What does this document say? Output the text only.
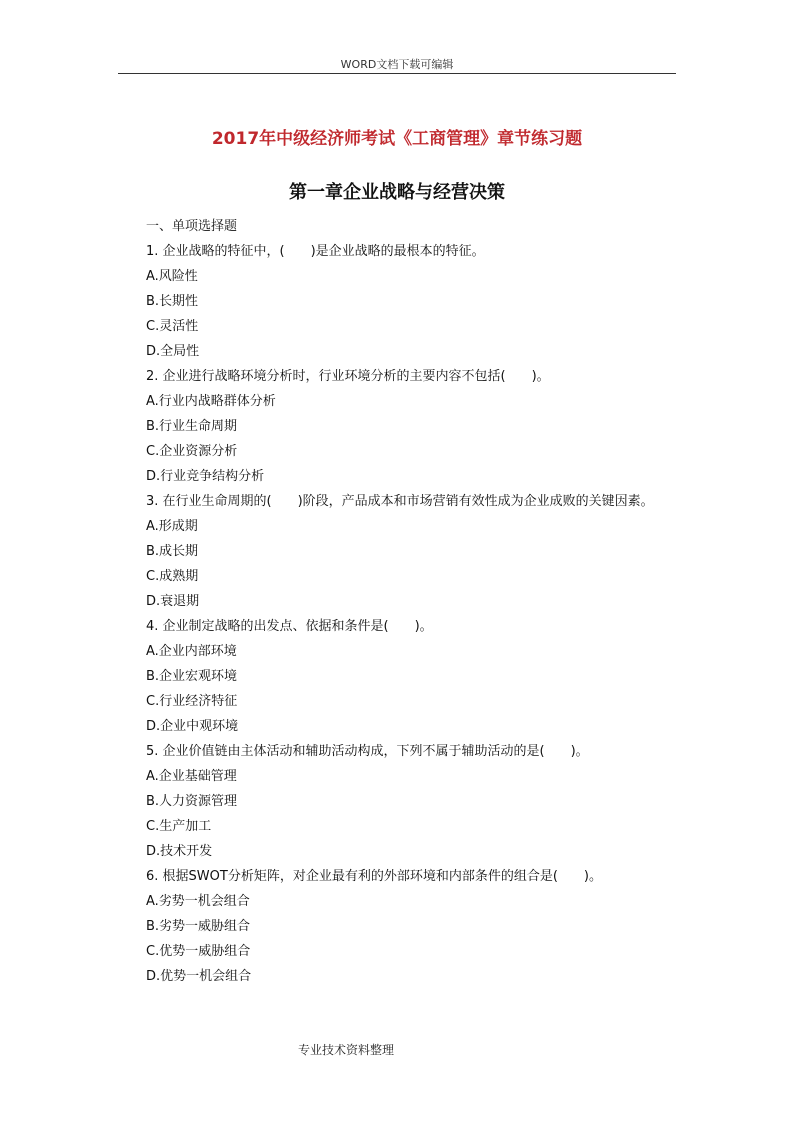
WORD文档下载可编辑
2017年中级经济师考试《工商管理》章节练习题
第一章企业战略与经营决策
一、单项选择题
1. 企业战略的特征中，(　　)是企业战略的最根本的特征。
A.风险性
B.长期性
C.灵活性
D.全局性
2. 企业进行战略环境分析时，行业环境分析的主要内容不包括(　　)。
A.行业内战略群体分析
B.行业生命周期
C.企业资源分析
D.行业竞争结构分析
3. 在行业生命周期的(　　)阶段，产品成本和市场营销有效性成为企业成败的关键因素。
A.形成期
B.成长期
C.成熟期
D.衰退期
4. 企业制定战略的出发点、依据和条件是(　　)。
A.企业内部环境
B.企业宏观环境
C.行业经济特征
D.企业中观环境
5. 企业价值链由主体活动和辅助活动构成，下列不属于辅助活动的是(　　)。
A.企业基础管理
B.人力资源管理
C.生产加工
D.技术开发
6. 根据SWOT分析矩阵，对企业最有利的外部环境和内部条件的组合是(　　)。
A.劣势一机会组合
B.劣势一威胁组合
C.优势一威胁组合
D.优势一机会组合
专业技术资料整理
